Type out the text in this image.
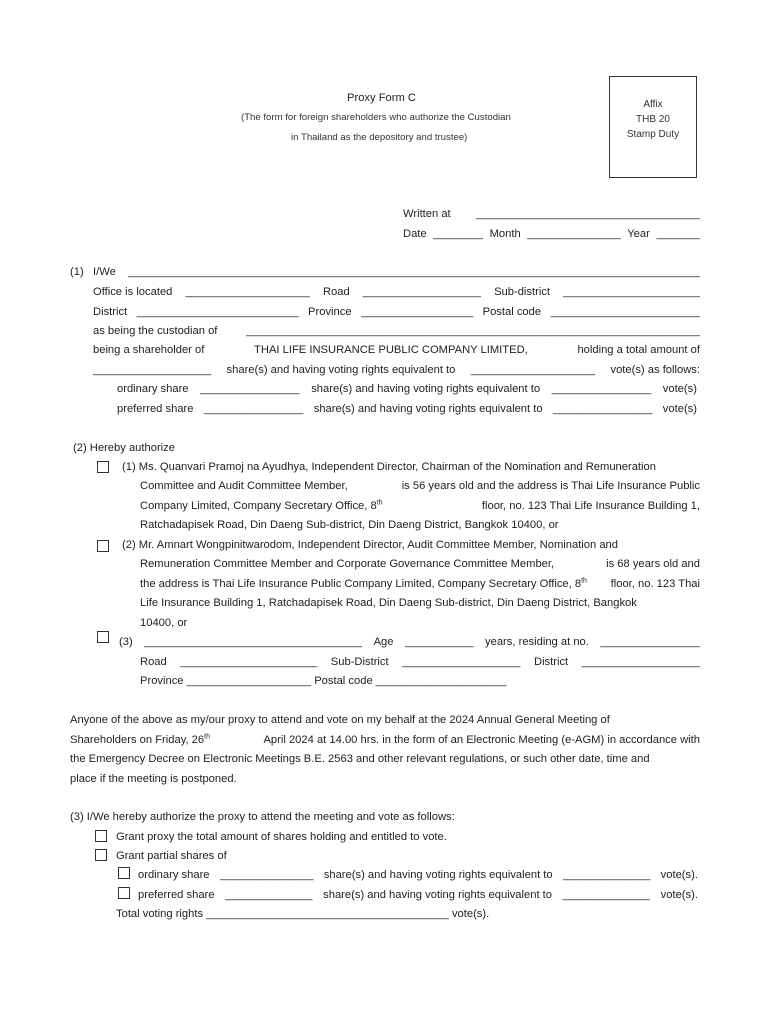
Proxy Form C
(The form for foreign shareholders who authorize the Custodian
in Thailand as the depository and trustee)
Affix
THB 20
Stamp Duty
Written at ____________________________________
Date ________ Month _______________ Year _______
(1) I/We ____________________________________________________________________________________________
Office is located ____________________ Road ___________________ Sub-district ______________________
District __________________________ Province __________________ Postal code ________________________
as being the custodian of	_________________________________________________________________________
being a shareholder of	THAI LIFE INSURANCE PUBLIC COMPANY LIMITED,	holding a total amount of
___________________ share(s) and having voting rights equivalent to ____________________ vote(s) as follows:
ordinary share ________________ share(s) and having voting rights equivalent to ________________ vote(s)
preferred share ________________ share(s) and having voting rights equivalent to ________________ vote(s)
(2) Hereby authorize
(1) Ms. Quanvari Pramoj na Ayudhya, Independent Director, Chairman of the Nomination and Remuneration
Committee and Audit Committee Member,	is 56 years old and the address is Thai Life Insurance Public
Company Limited, Company Secretary Office, 8th	floor, no. 123 Thai Life Insurance Building 1,
Ratchadapisek Road, Din Daeng Sub-district, Din Daeng District, Bangkok 10400, or
(2) Mr. Amnart Wongpinitwarodom, Independent Director, Audit Committee Member, Nomination and
Remuneration Committee Member and Corporate Governance Committee Member,	is 68 years old and
the address is Thai Life Insurance Public Company Limited, Company Secretary Office, 8th floor, no. 123 Thai
Life Insurance Building 1, Ratchadapisek Road, Din Daeng Sub-district, Din Daeng District, Bangkok
10400, or
(3) ___________________________________ Age ___________ years, residing at no. ________________
Road ______________________ Sub-District ___________________ District ___________________
Province ____________________ Postal code _____________________
Anyone of the above as my/our proxy to attend and vote on my behalf at the 2024 Annual General Meeting of
Shareholders on Friday, 26th	April 2024 at 14.00 hrs. in the form of an Electronic Meeting (e-AGM) in accordance with
the Emergency Decree on Electronic Meetings B.E. 2563 and other relevant regulations, or such other date, time and
place if the meeting is postponed.
(3) I/We hereby authorize the proxy to attend the meeting and vote as follows:
Grant proxy the total amount of shares holding and entitled to vote.
Grant partial shares of
ordinary share _______________ share(s) and having voting rights equivalent to ______________ vote(s).
preferred share ______________ share(s) and having voting rights equivalent to ______________ vote(s).
Total voting rights _______________________________________ vote(s).
